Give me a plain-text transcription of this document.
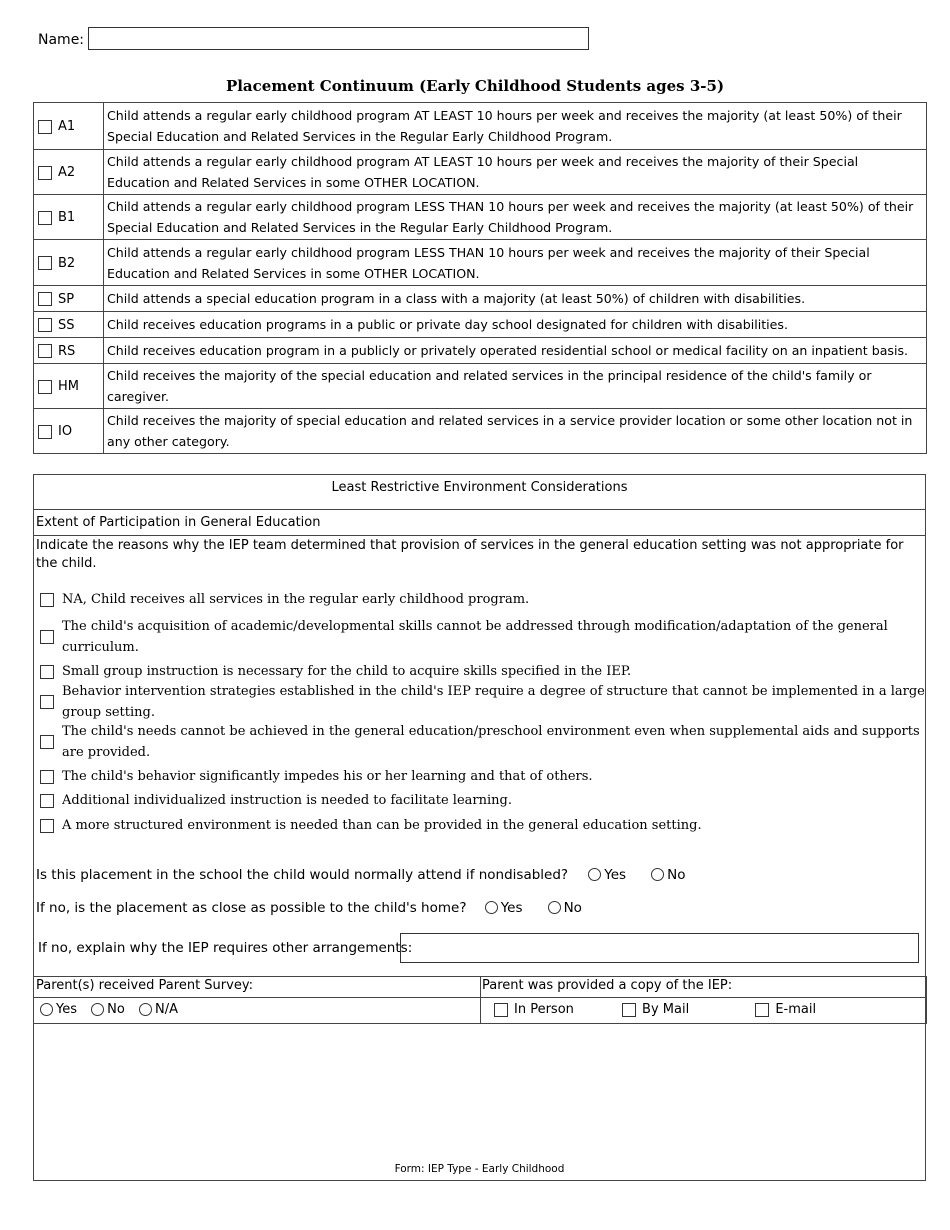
Name:
Placement Continuum (Early Childhood Students ages 3-5)
A1	Child attends a regular early childhood program AT LEAST 10 hours per week and receives the majority (at least 50%) of their Special Education and Related Services in the Regular Early Childhood Program.
A2	Child attends a regular early childhood program AT LEAST 10 hours per week and receives the majority of their Special Education and Related Services in some OTHER LOCATION.
B1	Child attends a regular early childhood program LESS THAN 10 hours per week and receives the majority (at least 50%) of their Special Education and Related Services in the Regular Early Childhood Program.
B2	Child attends a regular early childhood program LESS THAN 10 hours per week and receives the majority of their Special Education and Related Services in some OTHER LOCATION.
SP	Child attends a special education program in a class with a majority (at least 50%) of children with disabilities.
SS	Child receives education programs in a public or private day school designated for children with disabilities.
RS	Child receives education program in a publicly or privately operated residential school or medical facility on an inpatient basis.
HM	Child receives the majority of the special education and related services in the principal residence of the child's family or caregiver.
IO	Child receives the majority of special education and related services in a service provider location or some other location not in any other category.
Least Restrictive Environment Considerations
Extent of Participation in General Education
Indicate the reasons why the IEP team determined that provision of services in the general education setting was not appropriate for the child.
NA, Child receives all services in the regular early childhood program.
The child's acquisition of academic/developmental skills cannot be addressed through modification/adaptation of the general curriculum.
Small group instruction is necessary for the child to acquire skills specified in the IEP.
Behavior intervention strategies established in the child's IEP require a degree of structure that cannot be implemented in a large group setting.
The child's needs cannot be achieved in the general education/preschool environment even when supplemental aids and supports are provided.
The child's behavior significantly impedes his or her learning and that of others.
Additional individualized instruction is needed to facilitate learning.
A more structured environment is needed than can be provided in the general education setting.
Is this placement in the school the child would normally attend if nondisabled?	Yes	No
If no, is the placement as close as possible to the child's home?	Yes	No
If no, explain why the IEP requires other arrangements:
Parent(s) received Parent Survey:	Parent was provided a copy of the IEP:
Yes No N/A	In Person	By Mail	E-mail
Form: IEP Type - Early Childhood
